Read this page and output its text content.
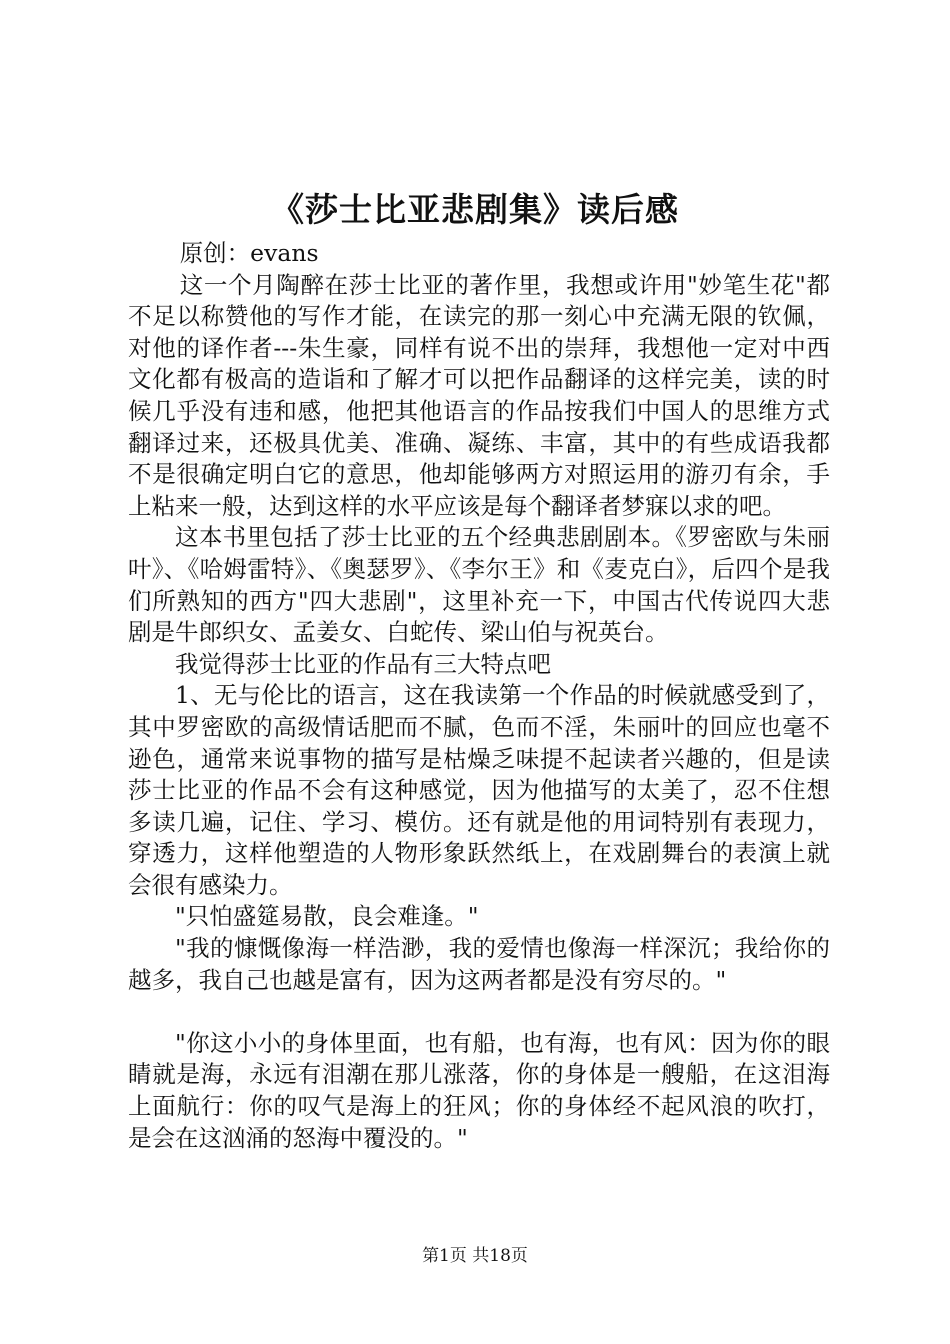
《莎士比亚悲剧集》读后感

原创：evans

这一个月陶醉在莎士比亚的著作里，我想或许用"妙笔生花"都不足以称赞他的写作才能，在读完的那一刻心中充满无限的钦佩，对他的译作者---朱生豪，同样有说不出的崇拜，我想他一定对中西文化都有极高的造诣和了解才可以把作品翻译的这样完美，读的时候几乎没有违和感，他把其他语言的作品按我们中国人的思维方式翻译过来，还极具优美、准确、凝练、丰富，其中的有些成语我都不是很确定明白它的意思，他却能够两方对照运用的游刃有余，手上粘来一般，达到这样的水平应该是每个翻译者梦寐以求的吧。

这本书里包括了莎士比亚的五个经典悲剧剧本。《罗密欧与朱丽叶》、《哈姆雷特》、《奥瑟罗》、《李尔王》和《麦克白》，后四个是我们所熟知的西方"四大悲剧"，这里补充一下，中国古代传说四大悲剧是牛郎织女、孟姜女、白蛇传、梁山伯与祝英台。

我觉得莎士比亚的作品有三大特点吧

1、无与伦比的语言，这在我读第一个作品的时候就感受到了，其中罗密欧的高级情话肥而不腻，色而不淫，朱丽叶的回应也毫不逊色，通常来说事物的描写是枯燥乏味提不起读者兴趣的，但是读莎士比亚的作品不会有这种感觉，因为他描写的太美了，忍不住想多读几遍，记住、学习、模仿。还有就是他的用词特别有表现力，穿透力，这样他塑造的人物形象跃然纸上，在戏剧舞台的表演上就会很有感染力。

"只怕盛筵易散，良会难逢。"

"我的慷慨像海一样浩渺，我的爱情也像海一样深沉；我给你的越多，我自己也越是富有，因为这两者都是没有穷尽的。"

"你这小小的身体里面，也有船，也有海，也有风：因为你的眼睛就是海，永远有泪潮在那儿涨落，你的身体是一艘船，在这泪海上面航行：你的叹气是海上的狂风；你的身体经不起风浪的吹打，是会在这汹涌的怒海中覆没的。"

第1页 共18页
